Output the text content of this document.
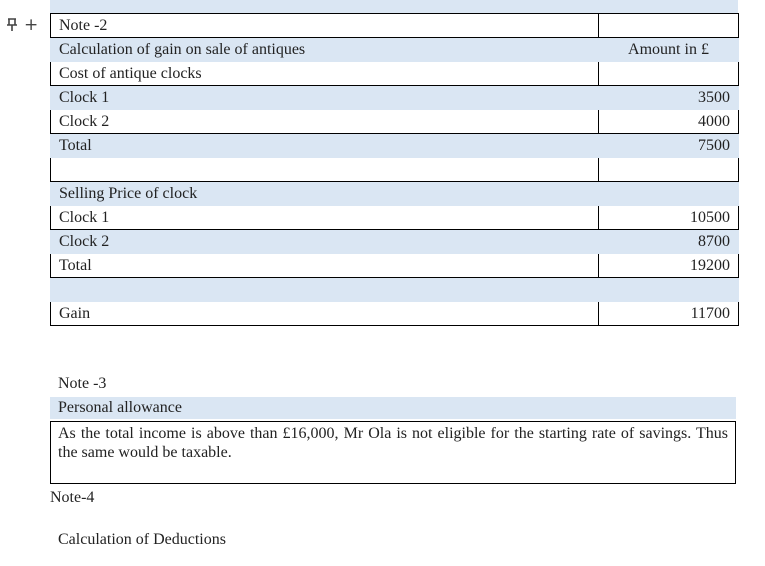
+ Note -2	
Calculation of gain on sale of antiques	Amount in £
Cost of antique clocks	
Clock 1	3500
Clock 2	4000
Total	7500

Selling Price of clock	
Clock 1	10500
Clock 2	8700
Total	19200

Gain	11700
Note -3
Personal allowance
As the total income is above than £16,000, Mr Ola is not eligible for the starting rate of savings. Thus the same would be taxable.
Note-4
Calculation of Deductions
